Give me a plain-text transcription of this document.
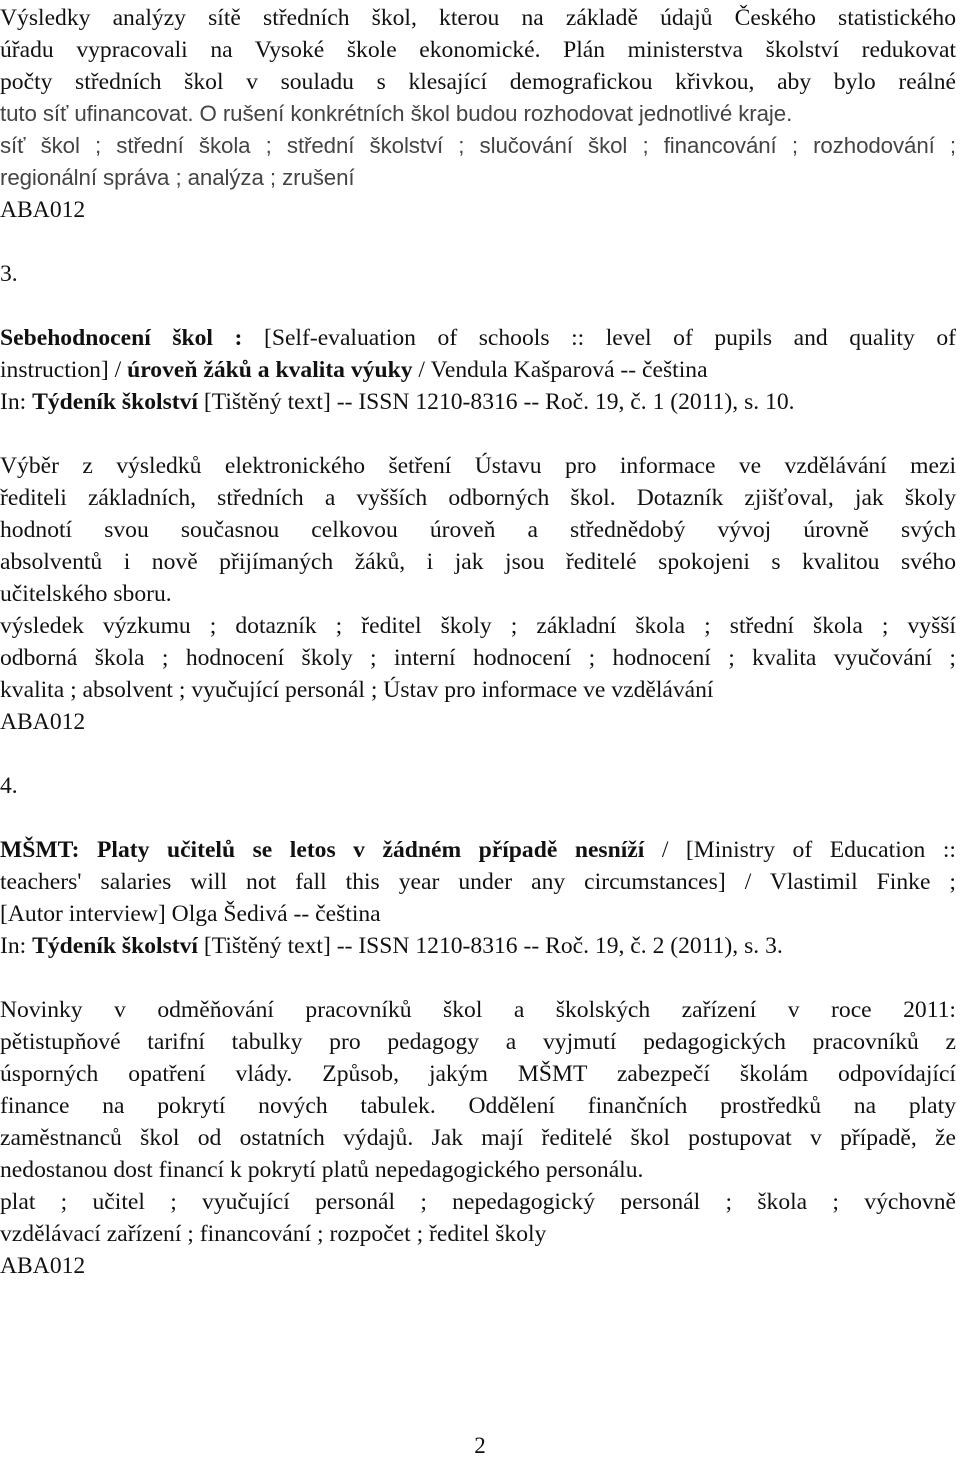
Výsledky analýzy sítě středních škol, kterou na základě údajů Českého statistického
úřadu vypracovali na Vysoké škole ekonomické. Plán ministerstva školství redukovat
počty středních škol v souladu s klesající demografickou křivkou, aby bylo reálné
tuto síť ufinancovat. O rušení konkrétních škol budou rozhodovat jednotlivé kraje.
síť škol ; střední škola ; střední školství ; slučování škol ; financování ; rozhodování ;
regionální správa ; analýza ; zrušení
ABA012
3.
Sebehodnocení škol : [Self-evaluation of schools :: level of pupils and quality of
instruction] / úroveň žáků a kvalita výuky / Vendula Kašparová -- čeština
In: Týdeník školství [Tištěný text] -- ISSN 1210-8316 -- Roč. 19, č. 1 (2011), s. 10.
Výběr z výsledků elektronického šetření Ústavu pro informace ve vzdělávání mezi
řediteli základních, středních a vyšších odborných škol. Dotazník zjišťoval, jak školy
hodnotí svou současnou celkovou úroveň a střednědobý vývoj úrovně svých
absolventů i nově přijímaných žáků, i jak jsou ředitelé spokojeni s kvalitou svého
učitelského sboru.
výsledek výzkumu ; dotazník ; ředitel školy ; základní škola ; střední škola ; vyšší
odborná škola ; hodnocení školy ; interní hodnocení ; hodnocení ; kvalita vyučování ;
kvalita ; absolvent ; vyučující personál ; Ústav pro informace ve vzdělávání
ABA012
4.
MŠMT: Platy učitelů se letos v žádném případě nesníží / [Ministry of Education ::
teachers' salaries will not fall this year under any circumstances] / Vlastimil Finke ;
[Autor interview] Olga Šedivá -- čeština
In: Týdeník školství [Tištěný text] -- ISSN 1210-8316 -- Roč. 19, č. 2 (2011), s. 3.
Novinky v odměňování pracovníků škol a školských zařízení v roce 2011:
pětistupňové tarifní tabulky pro pedagogy a vyjmutí pedagogických pracovníků z
úsporných opatření vlády. Způsob, jakým MŠMT zabezpečí školám odpovídající
finance na pokrytí nových tabulek. Oddělení finančních prostředků na platy
zaměstnanců škol od ostatních výdajů. Jak mají ředitelé škol postupovat v případě, že
nedostanou dost financí k pokrytí platů nepedagogického personálu.
plat ; učitel ; vyučující personál ; nepedagogický personál ; škola ; výchovně
vzdělávací zařízení ; financování ; rozpočet ; ředitel školy
ABA012
2
